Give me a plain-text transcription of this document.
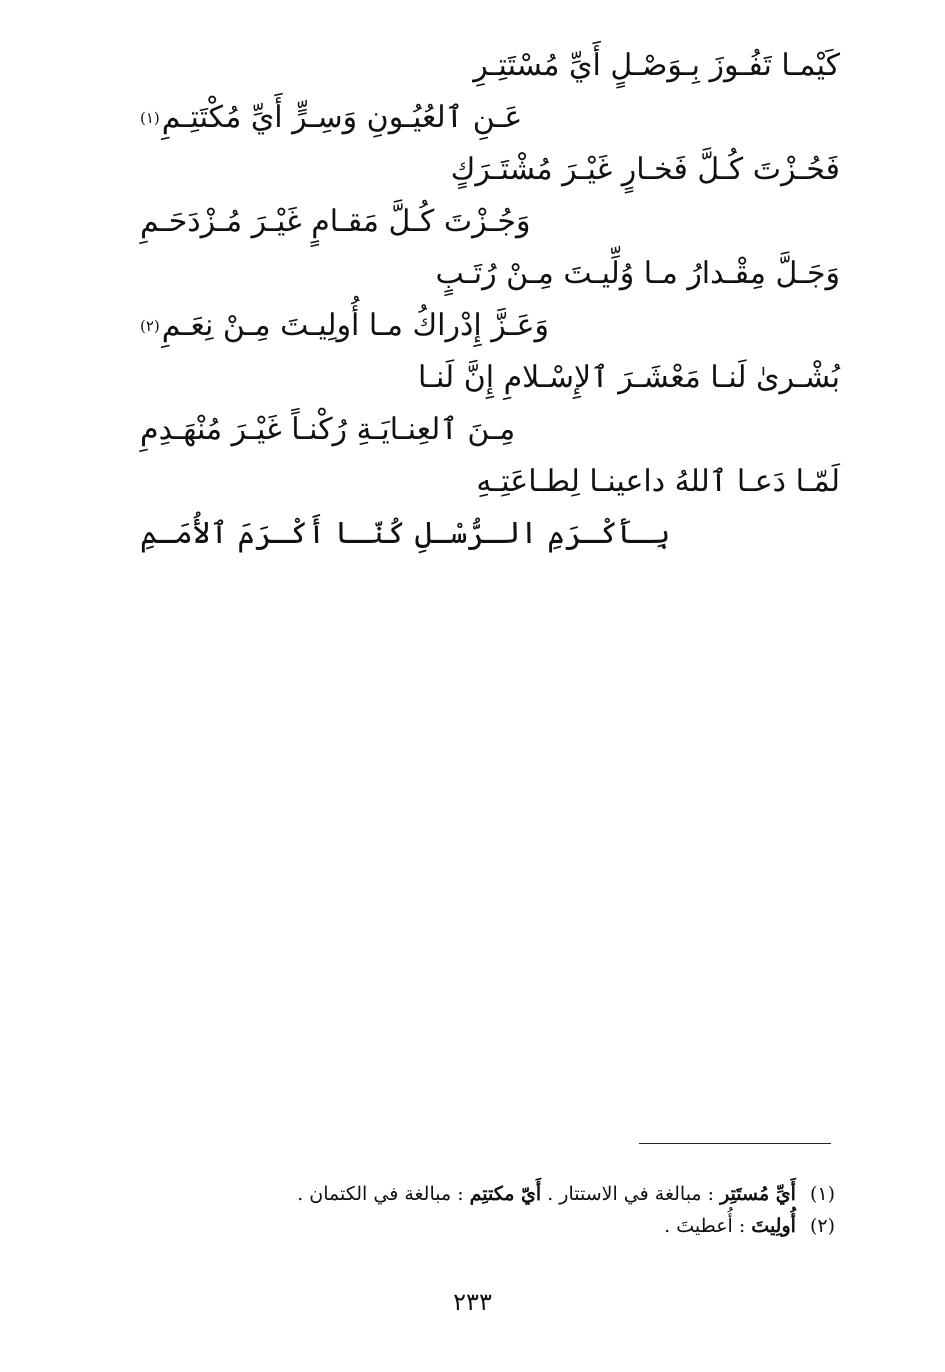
كَيْمـا تَفُـوزَ بِـوَصْـلٍ أَيِّ مُسْتَتِـرِ
عَـنِ ٱلعُيُـونِ وَسِـرٍّ أَيِّ مُكْتَتِـمِ
(١)
فَحُـزْتَ كُـلَّ فَخـارٍ غَيْـرَ مُشْتَـرَكٍ
وَجُـزْتَ كُـلَّ مَقـامٍ غَيْـرَ مُـزْدَحَـمِ
وَجَـلَّ مِقْـدارُ مـا وُلِّيـتَ مِـنْ رُتَـبٍ
وَعَـزَّ إِدْراكُ مـا أُولِيـتَ مِـنْ نِعَـمِ
(٢)
بُشْـرىٰ لَنـا مَعْشَـرَ ٱلإِسْـلامِ إِنَّ لَنـا
مِـنَ ٱلعِنـايَـةِ رُكْنـاً غَيْـرَ مُنْهَـدِمِ
لَمّـا دَعـا ٱللهُ داعينـا لِطـاعَتِـهِ
بِـأَكْـرَمِ الـرُّسْـلِ كُنّـا أَكْـرَمَ ٱلأُمَـمِ
(١)أَيِّ مُستَتِر : مبالغة في الاستتار . أَيّ مكتتِم : مبالغة في الكتمان .
(٢)أُولِيتَ : أُعطيتَ .
٢٣٣
